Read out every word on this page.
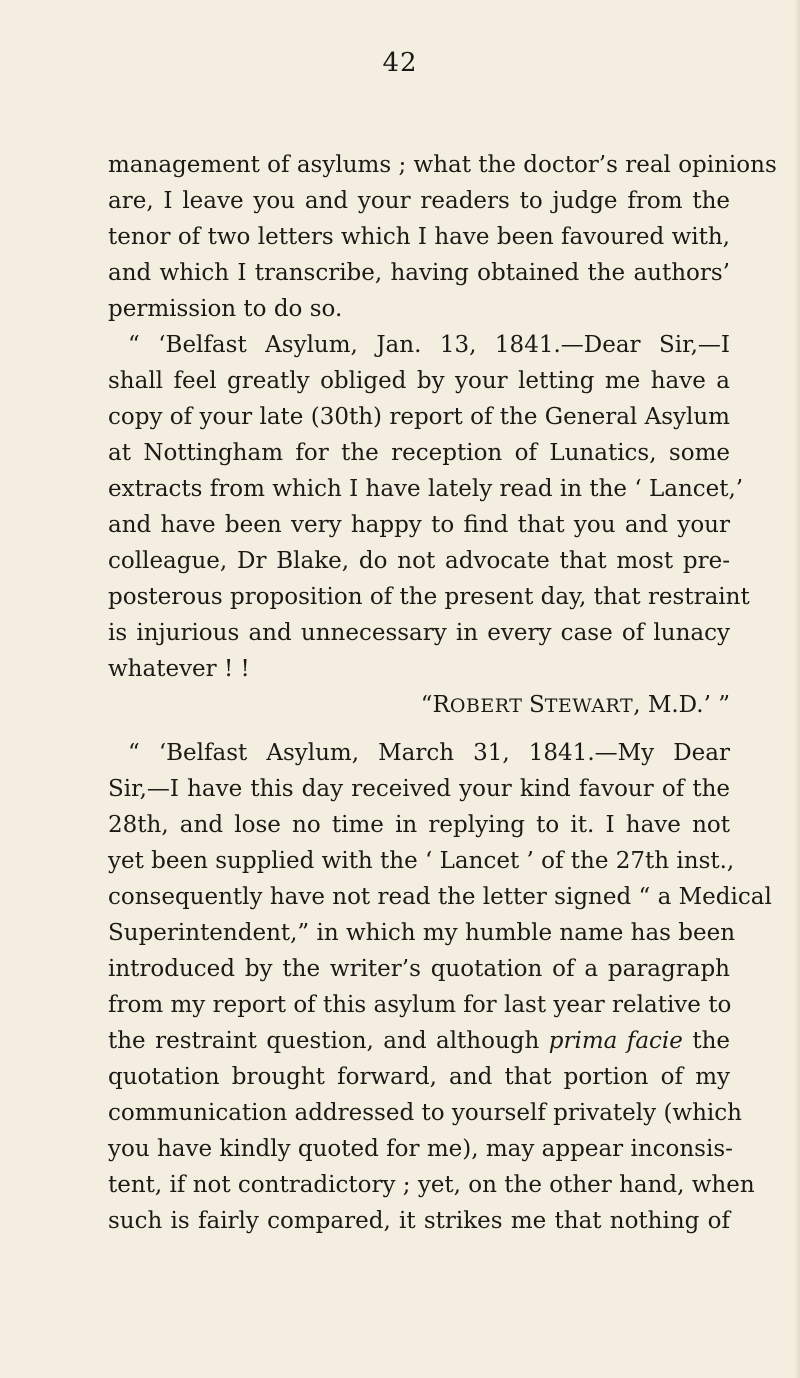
42
management of asylums ; what the doctor’s real opinions
are, I leave you and your readers to judge from the
tenor of two letters which I have been favoured with,
and which I transcribe, having obtained the authors’
permission to do so.
“ ‘Belfast Asylum, Jan. 13, 1841.—Dear Sir,—I
shall feel greatly obliged by your letting me have a
copy of your late (30th) report of the General Asylum
at Nottingham for the reception of Lunatics, some
extracts from which I have lately read in the ‘ Lancet,’
and have been very happy to find that you and your
colleague, Dr Blake, do not advocate that most pre-
posterous proposition of the present day, that restraint
is injurious and unnecessary in every case of lunacy
whatever ! !
“ROBERT STEWART, M.D.’ ”
“ ‘Belfast Asylum, March 31, 1841.—My Dear
Sir,—I have this day received your kind favour of the
28th, and lose no time in replying to it. I have not
yet been supplied with the ‘ Lancet ’ of the 27th inst.,
consequently have not read the letter signed “ a Medical
Superintendent,” in which my humble name has been
introduced by the writer’s quotation of a paragraph
from my report of this asylum for last year relative to
the restraint question, and although prima facie the
quotation brought forward, and that portion of my
communication addressed to yourself privately (which
you have kindly quoted for me), may appear inconsis-
tent, if not contradictory ; yet, on the other hand, when
such is fairly compared, it strikes me that nothing of
